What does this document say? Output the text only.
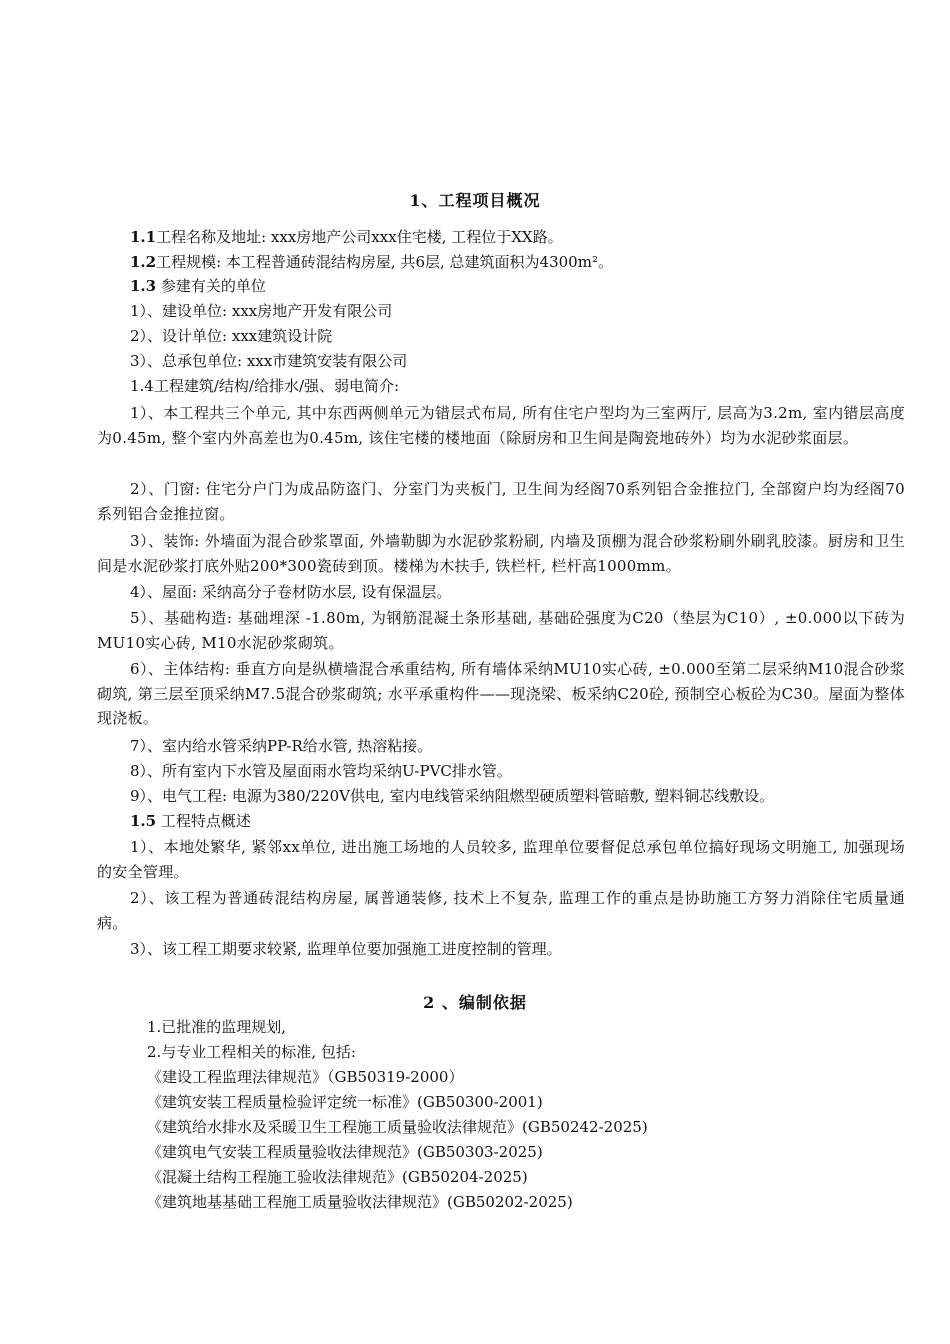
1、工程项目概况

1.1工程名称及地址: xxx房地产公司xxx住宅楼, 工程位于XX路。

1.2工程规模: 本工程普通砖混结构房屋, 共6层, 总建筑面积为4300m²。

1.3 参建有关的单位

1）、建设单位: xxx房地产开发有限公司

2）、设计单位: xxx建筑设计院

3）、总承包单位: xxx市建筑安装有限公司

1.4工程建筑/结构/给排水/强、弱电简介:

1）、本工程共三个单元, 其中东西两侧单元为错层式布局, 所有住宅户型均为三室两厅, 层高为3.2m, 室内错层高度为0.45m, 整个室内外高差也为0.45m, 该住宅楼的楼地面（除厨房和卫生间是陶瓷地砖外）均为水泥砂浆面层。

2）、门窗: 住宅分户门为成品防盗门、分室门为夹板门, 卫生间为经阁70系列铝合金推拉门, 全部窗户均为经阁70系列铝合金推拉窗。

3）、装饰: 外墙面为混合砂浆罩面, 外墙勒脚为水泥砂浆粉刷, 内墙及顶棚为混合砂浆粉刷外刷乳胶漆。厨房和卫生间是水泥砂浆打底外贴200*300瓷砖到顶。楼梯为木扶手, 铁栏杆, 栏杆高1000mm。

4）、屋面: 采纳高分子卷材防水层, 设有保温层。

5）、基础构造: 基础埋深 -1.80m, 为钢筋混凝土条形基础, 基础砼强度为C20（垫层为C10）, ±0.000以下砖为MU10实心砖, M10水泥砂浆砌筑。

6）、主体结构: 垂直方向是纵横墙混合承重结构, 所有墙体采纳MU10实心砖, ±0.000至第二层采纳M10混合砂浆砌筑, 第三层至顶采纳M7.5混合砂浆砌筑; 水平承重构件——现浇梁、板采纳C20砼, 预制空心板砼为C30。屋面为整体现浇板。

7）、室内给水管采纳PP-R给水管, 热溶粘接。

8）、所有室内下水管及屋面雨水管均采纳U-PVC排水管。

9）、电气工程: 电源为380/220V供电, 室内电线管采纳阻燃型硬质塑料管暗敷, 塑料铜芯线敷设。

1.5 工程特点概述

1）、本地处繁华, 紧邻xx单位, 进出施工场地的人员较多, 监理单位要督促总承包单位搞好现场文明施工, 加强现场的安全管理。

2）、该工程为普通砖混结构房屋, 属普通装修, 技术上不复杂, 监理工作的重点是协助施工方努力消除住宅质量通病。

3）、该工程工期要求较紧, 监理单位要加强施工进度控制的管理。

2 、编制依据

1.已批准的监理规划,

2.与专业工程相关的标准, 包括:

《建设工程监理法律规范》（GB50319-2000）

《建筑安装工程质量检验评定统一标准》(GB50300-2001)

《建筑给水排水及采暖卫生工程施工质量验收法律规范》(GB50242-2025)

《建筑电气安装工程质量验收法律规范》(GB50303-2025)

《混凝土结构工程施工验收法律规范》(GB50204-2025)

《建筑地基基础工程施工质量验收法律规范》(GB50202-2025)
